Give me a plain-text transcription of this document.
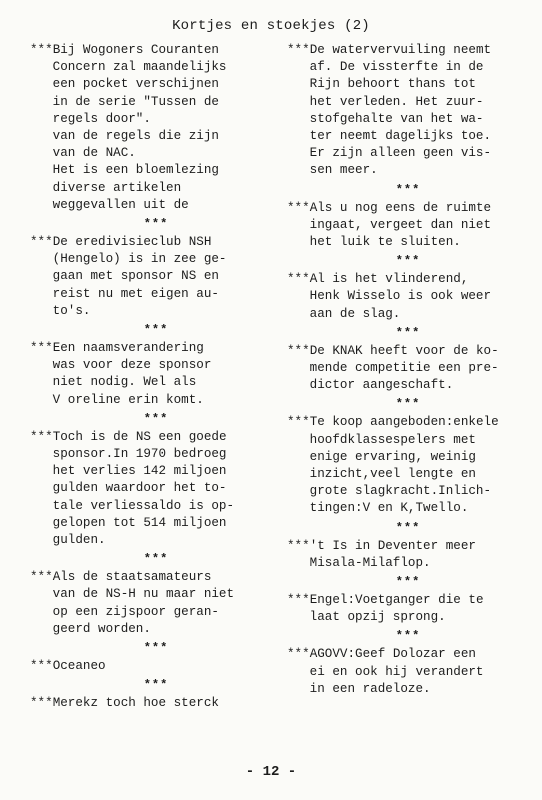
Kortjes en stoekjes (2)
***Bij Wogoners Couranten
Concern zal maandelijks
een pocket verschijnen
in de serie "Tussen de
regels door".
van de regels die zijn
van de NAC.
Het is een bloemlezing
diverse artikelen
weggevallen uit de
***
***De eredivisieclub NSH
(Hengelo) is in zee ge-
gaan met sponsor NS en
reist nu met eigen au-
to's.
***
***Een naamsverandering
was voor deze sponsor
niet nodig. Wel als
V oreline erin komt.
***
***Toch is de NS een goede
sponsor.In 1970 bedroeg
het verlies 142 miljoen
gulden waardoor het to-
tale verliessaldo is op-
gelopen tot 514 miljoen
gulden.
***
***Als de staatsamateurs
van de NS-H nu maar niet
op een zijspoor geran-
geerd worden.
***
***Oceaneo
***
***Merekz toch hoe sterck
***De watervervuiling neemt
af. De vissterfte in de
Rijn behoort thans tot
het verleden. Het zuur-
stofgehalte van het wa-
ter neemt dagelijks toe.
Er zijn alleen geen vis-
sen meer.
***
***Als u nog eens de ruimte
ingaat, vergeet dan niet
het luik te sluiten.
***
***Al is het vlinderend,
Henk Wisselo is ook weer
aan de slag.
***
***De KNAK heeft voor de ko-
mende competitie een pre-
dictor aangeschaft.
***
***Te koop aangeboden:enkele
hoofdklassespelers met
enige ervaring, weinig
inzicht,veel lengte en
grote slagkracht.Inlich-
tingen:V en K,Twello.
***
***'t Is in Deventer meer
Misala-Milaflop.
***
***Engel:Voetganger die te
laat opzij sprong.
***
***AGOVV:Geef Dolozar een
ei en ook hij verandert
in een radeloze.
- 12 -
